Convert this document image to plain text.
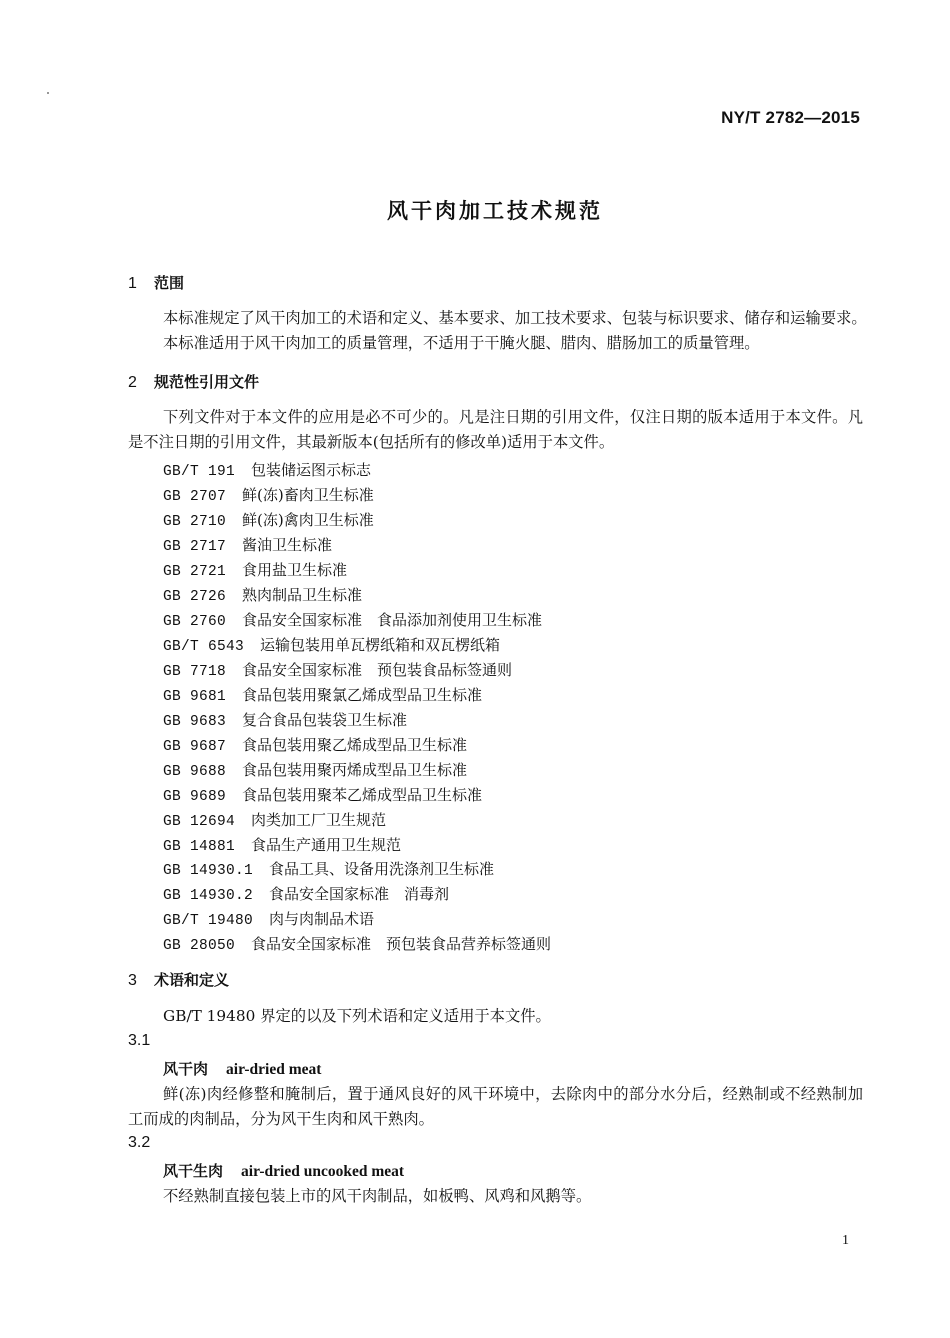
NY/T 2782—2015
风干肉加工技术规范
1 范围
本标准规定了风干肉加工的术语和定义、基本要求、加工技术要求、包装与标识要求、储存和运输要求。
本标准适用于风干肉加工的质量管理，不适用于干腌火腿、腊肉、腊肠加工的质量管理。
2 规范性引用文件
下列文件对于本文件的应用是必不可少的。凡是注日期的引用文件，仅注日期的版本适用于本文件。凡是不注日期的引用文件，其最新版本(包括所有的修改单)适用于本文件。
GB/T 191 包装储运图示标志
GB 2707 鲜(冻)畜肉卫生标准
GB 2710 鲜(冻)禽肉卫生标准
GB 2717 酱油卫生标准
GB 2721 食用盐卫生标准
GB 2726 熟肉制品卫生标准
GB 2760 食品安全国家标准　食品添加剂使用卫生标准
GB/T 6543 运输包装用单瓦楞纸箱和双瓦楞纸箱
GB 7718 食品安全国家标准　预包装食品标签通则
GB 9681 食品包装用聚氯乙烯成型品卫生标准
GB 9683 复合食品包装袋卫生标准
GB 9687 食品包装用聚乙烯成型品卫生标准
GB 9688 食品包装用聚丙烯成型品卫生标准
GB 9689 食品包装用聚苯乙烯成型品卫生标准
GB 12694 肉类加工厂卫生规范
GB 14881 食品生产通用卫生规范
GB 14930.1 食品工具、设备用洗涤剂卫生标准
GB 14930.2 食品安全国家标准　消毒剂
GB/T 19480 肉与肉制品术语
GB 28050 食品安全国家标准　预包装食品营养标签通则
3 术语和定义
GB/T 19480 界定的以及下列术语和定义适用于本文件。
3.1
风干肉 air-dried meat
鲜(冻)肉经修整和腌制后，置于通风良好的风干环境中，去除肉中的部分水分后，经熟制或不经熟制加工而成的肉制品，分为风干生肉和风干熟肉。
3.2
风干生肉 air-dried uncooked meat
不经熟制直接包装上市的风干肉制品，如板鸭、风鸡和风鹅等。
1
